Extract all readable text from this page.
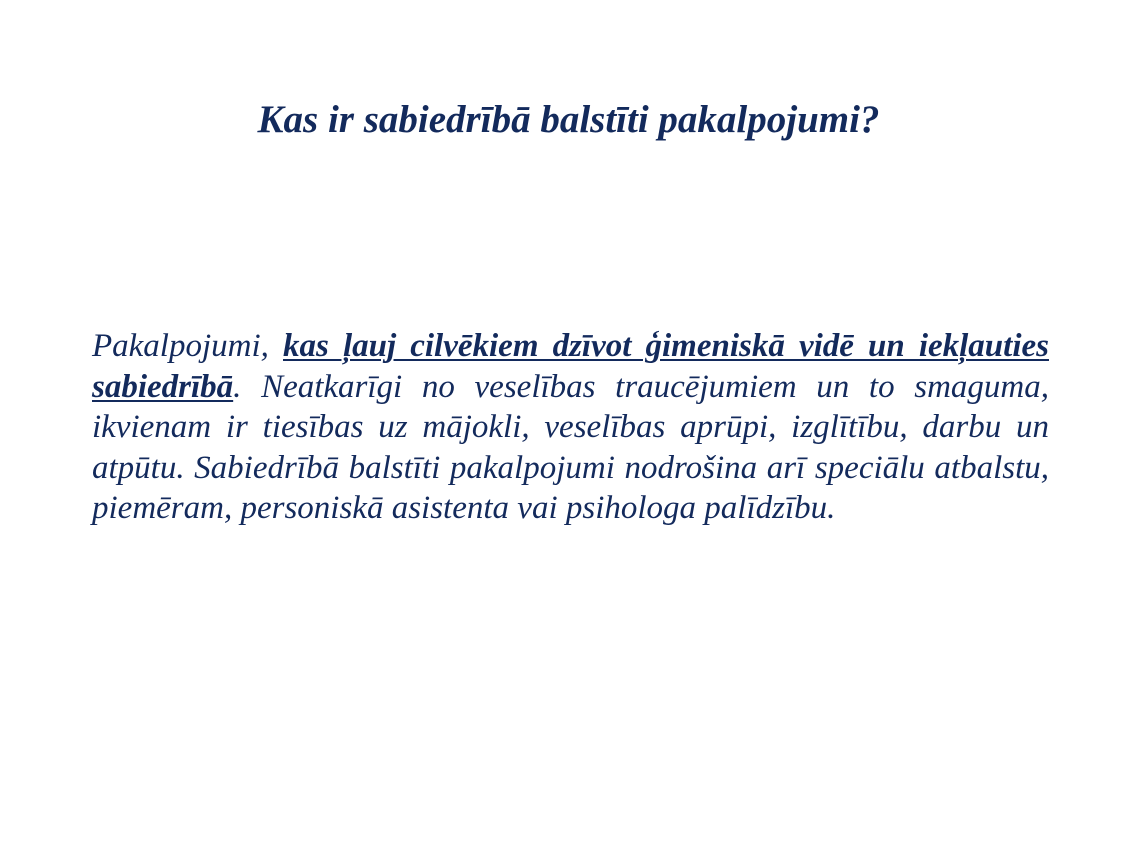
Kas ir sabiedrībā balstīti pakalpojumi?

Pakalpojumi, kas ļauj cilvēkiem dzīvot ģimeniskā vidē un iekļauties sabiedrībā. Neatkarīgi no veselības traucējumiem un to smaguma, ikvienam ir tiesības uz mājokli, veselības aprūpi, izglītību, darbu un atpūtu. Sabiedrībā balstīti pakalpojumi nodrošina arī speciālu atbalstu, piemēram, personiskā asistenta vai psihologa palīdzību.
